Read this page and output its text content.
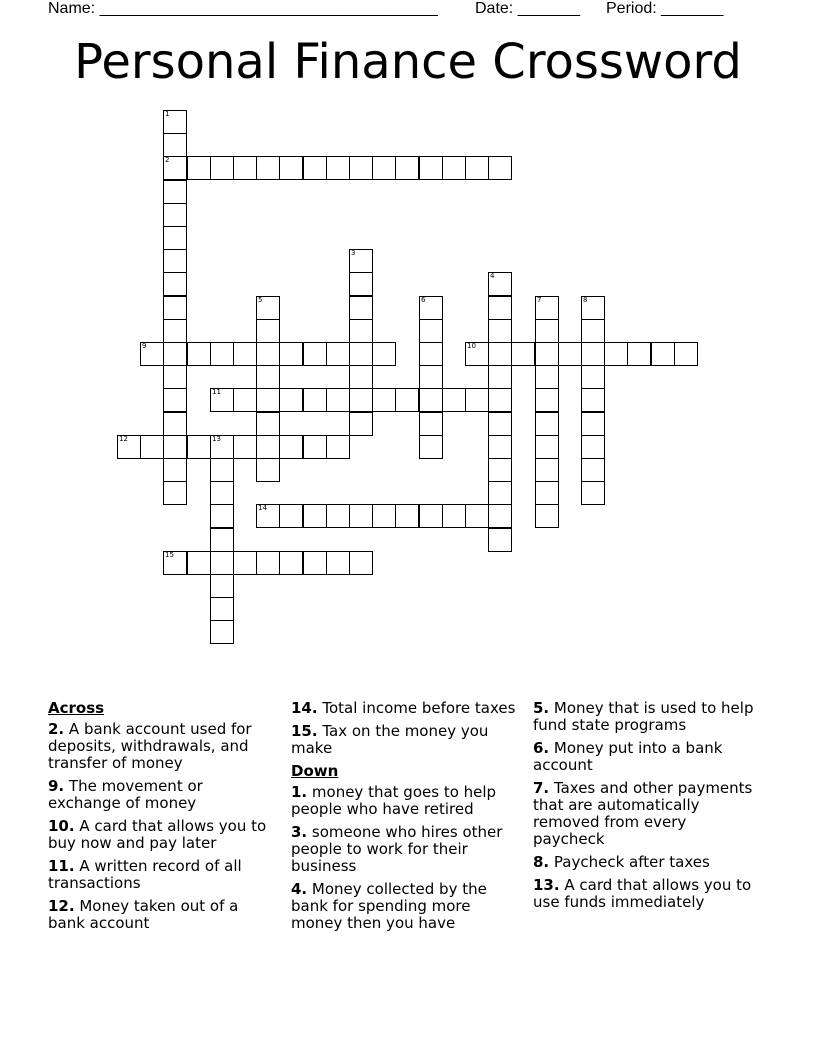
Name: ______________________________________ Date: _______ Period: _______
Personal Finance Crossword
1
2
3
4
5	6	7	8
9	10
11
12	13
14
15
Across
2. A bank account used for deposits, withdrawals, and transfer of money
9. The movement or exchange of money
10. A card that allows you to buy now and pay later
11. A written record of all transactions
12. Money taken out of a bank account
14. Total income before taxes
15. Tax on the money you make
Down
1. money that goes to help people who have retired
3. someone who hires other people to work for their business
4. Money collected by the bank for spending more money then you have
5. Money that is used to help fund state programs
6. Money put into a bank account
7. Taxes and other payments that are automatically removed from every paycheck
8. Paycheck after taxes
13. A card that allows you to use funds immediately
